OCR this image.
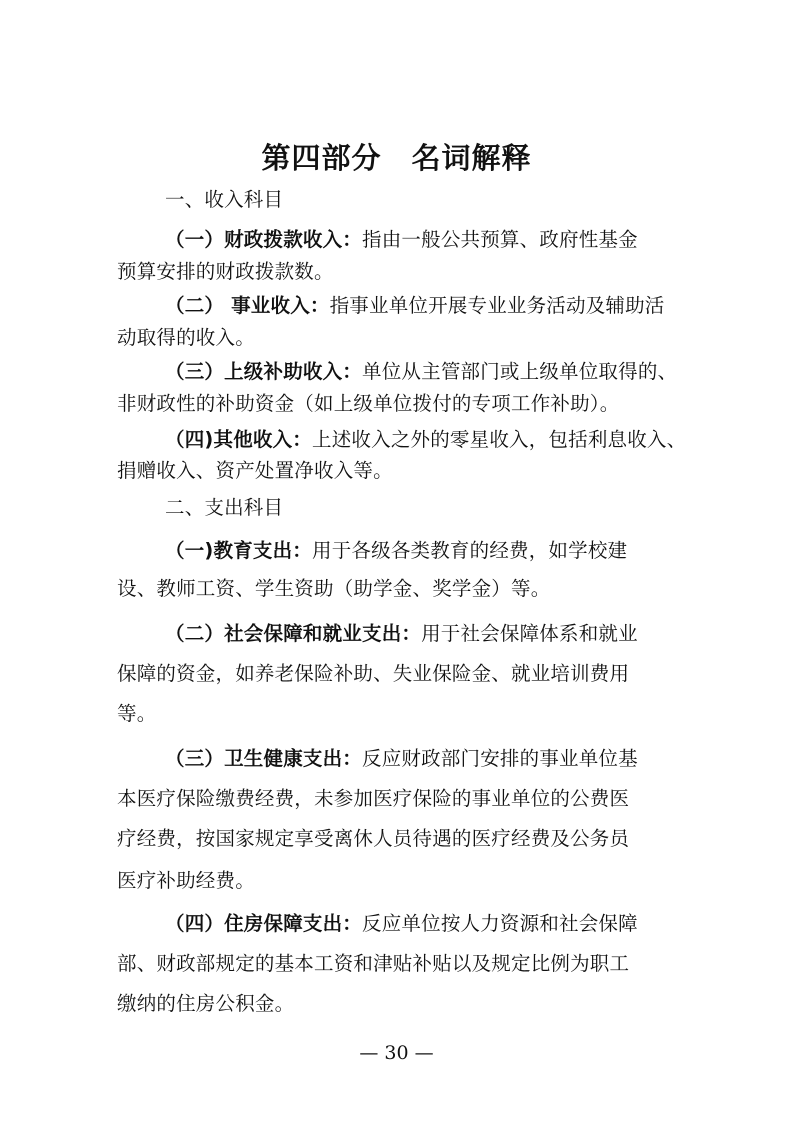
第四部分　名词解释
一、收入科目
（一）财政拨款收入：指由一般公共预算、政府性基金
预算安排的财政拨款数。
（二） 事业收入：指事业单位开展专业业务活动及辅助活
动取得的收入。
（三）上级补助收入：单位从主管部门或上级单位取得的、
非财政性的补助资金（如上级单位拨付的专项工作补助）。
（四)其他收入：上述收入之外的零星收入，包括利息收入、
捐赠收入、资产处置净收入等。
二、支出科目
（一)教育支出：用于各级各类教育的经费，如学校建
设、教师工资、学生资助（助学金、奖学金）等。
（二）社会保障和就业支出：用于社会保障体系和就业
保障的资金，如养老保险补助、失业保险金、就业培训费用
等。
（三）卫生健康支出：反应财政部门安排的事业单位基
本医疗保险缴费经费，未参加医疗保险的事业单位的公费医
疗经费，按国家规定享受离休人员待遇的医疗经费及公务员
医疗补助经费。
（四）住房保障支出：反应单位按人力资源和社会保障
部、财政部规定的基本工资和津贴补贴以及规定比例为职工
缴纳的住房公积金。
— 30 —
